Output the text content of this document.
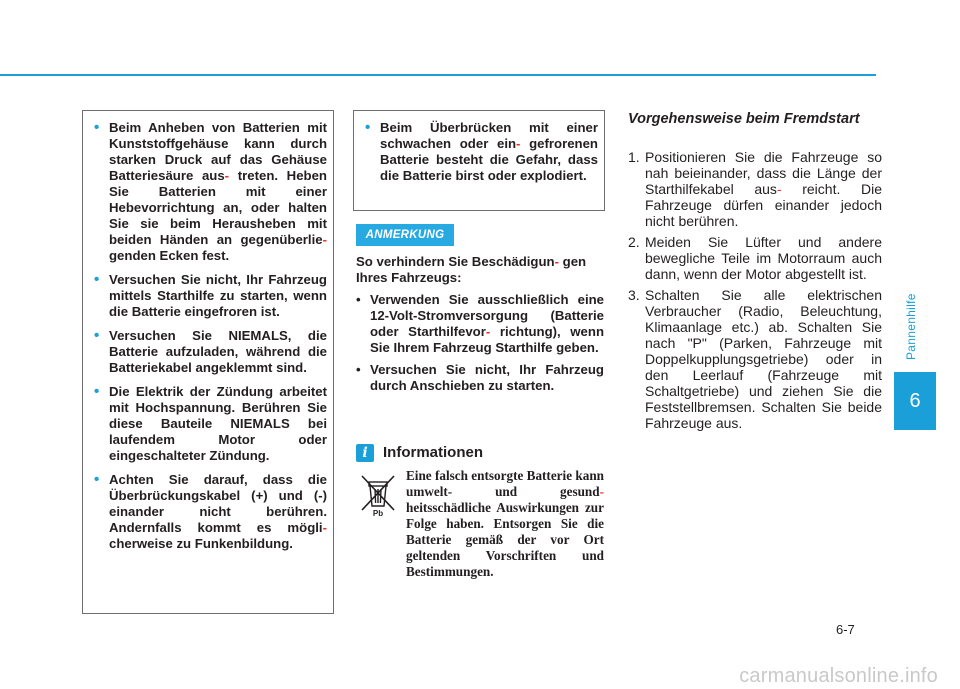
Pannenhilfe
6
• Beim Anheben von Batterien mit Kunststoffgehäuse kann durch starken Druck auf das Gehäuse Batteriesäure aus- treten. Heben Sie Batterien mit einer Hebevorrichtung an, oder halten Sie sie beim Herausheben mit beiden Händen an gegenüberlie- genden Ecken fest.
• Versuchen Sie nicht, Ihr Fahrzeug mittels Starthilfe zu starten, wenn die Batterie eingefroren ist.
• Versuchen Sie NIEMALS, die Batterie aufzuladen, während die Batteriekabel angeklemmt sind.
• Die Elektrik der Zündung arbeitet mit Hochspannung. Berühren Sie diese Bauteile NIEMALS bei laufendem Motor oder eingeschalteter Zündung.
• Achten Sie darauf, dass die Überbrückungskabel (+) und (-) einander nicht berühren. Andernfalls kommt es mögli- cherweise zu Funkenbildung.
• Beim Überbrücken mit einer schwachen oder ein- gefrorenen Batterie besteht die Gefahr, dass die Batterie birst oder explodiert.
ANMERKUNG

So verhindern Sie Beschädigun- gen Ihres Fahrzeugs:

• Verwenden Sie ausschließlich eine 12-Volt-Stromversorgung (Batterie oder Starthilfevor- richtung), wenn Sie Ihrem Fahrzeug Starthilfe geben.
• Versuchen Sie nicht, Ihr Fahrzeug durch Anschieben zu starten.
i Informationen
Pb
Eine falsch entsorgte Batterie kann umwelt- und gesund- heitsschädliche Auswirkungen zur Folge haben. Entsorgen Sie die Batterie gemäß der vor Ort geltenden Vorschriften und Bestimmungen.
Vorgehensweise beim Fremdstart
1. Positionieren Sie die Fahrzeuge so nah beieinander, dass die Länge der Starthilfekabel aus- reicht. Die Fahrzeuge dürfen einander jedoch nicht berühren.
2. Meiden Sie Lüfter und andere bewegliche Teile im Motorraum auch dann, wenn der Motor abgestellt ist.
3. Schalten Sie alle elektrischen Verbraucher (Radio, Beleuchtung, Klimaanlage etc.) ab. Schalten Sie nach "P" (Parken, Fahrzeuge mit Doppelkupplungsgetriebe) oder in den Leerlauf (Fahrzeuge mit Schaltgetriebe) und ziehen Sie die Feststellbremsen. Schalten Sie beide Fahrzeuge aus.
6-7
carmanualsonline.info
